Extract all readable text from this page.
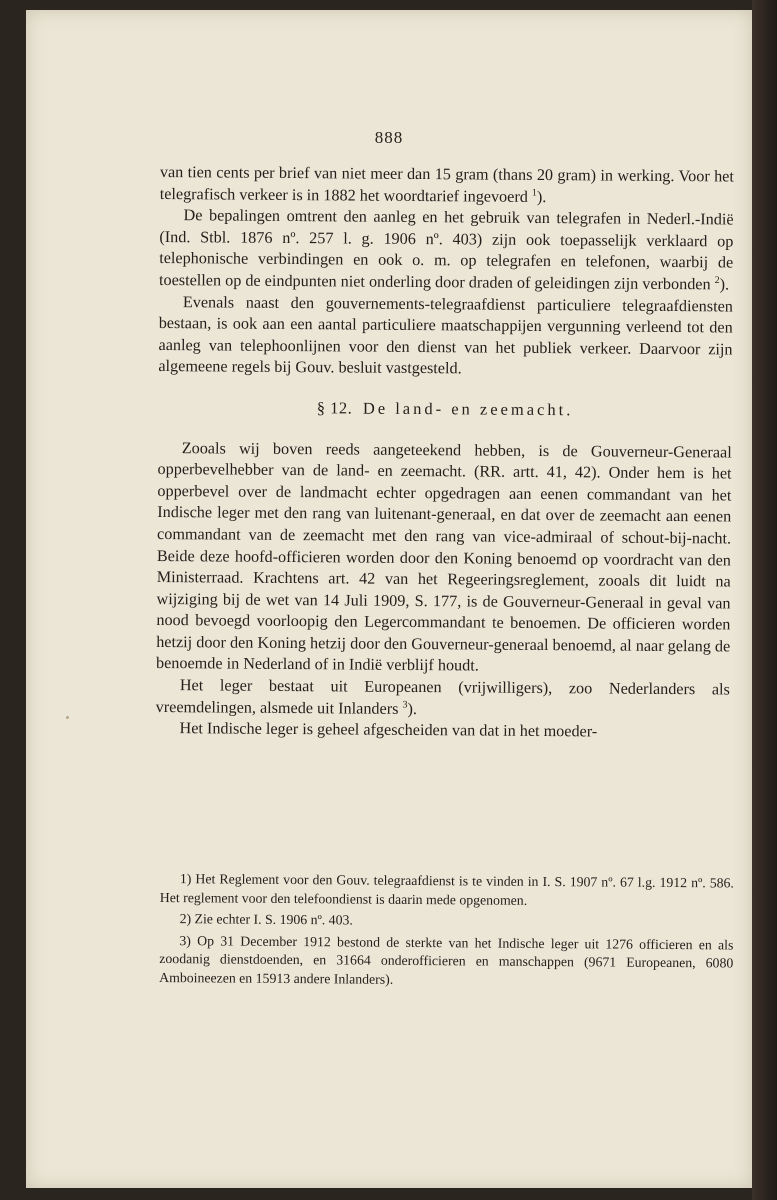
888

van tien cents per brief van niet meer dan 15 gram (thans 20 gram) in werking. Voor het telegrafisch verkeer is in 1882 het woordtarief ingevoerd $^1$).

De bepalingen omtrent den aanleg en het gebruik van telegrafen in Nederl.-Indië (Ind. Stbl. 1876 nº. 257 l. g. 1906 nº. 403) zijn ook toepasselijk verklaard op telephonische verbindingen en ook o. m. op telegrafen en telefonen, waarbij de toestellen op de eindpunten niet onderling door draden of geleidingen zijn verbonden $^2$).

Evenals naast den gouvernements-telegraafdienst particuliere telegraafdiensten bestaan, is ook aan een aantal particuliere maatschappijen vergunning verleend tot den aanleg van telephoonlijnen voor den dienst van het publiek verkeer. Daarvoor zijn algemeene regels bij Gouv. besluit vastgesteld.

§ 12. De land- en zeemacht.

Zooals wij boven reeds aangeteekend hebben, is de Gouverneur-Generaal opperbevelhebber van de land- en zeemacht. (RR. artt. 41, 42). Onder hem is het opperbevel over de landmacht echter opgedragen aan eenen commandant van het Indische leger met den rang van luitenant-generaal, en dat over de zeemacht aan eenen commandant van de zeemacht met den rang van vice-admiraal of schout-bij-nacht. Beide deze hoofd-officieren worden door den Koning benoemd op voordracht van den Ministerraad. Krachtens art. 42 van het Regeeringsreglement, zooals dit luidt na wijziging bij de wet van 14 Juli 1909, S. 177, is de Gouverneur-Generaal in geval van nood bevoegd voorloopig den Legercommandant te benoemen. De officieren worden hetzij door den Koning hetzij door den Gouverneur-generaal benoemd, al naar gelang de benoemde in Nederland of in Indië verblijf houdt.

Het leger bestaat uit Europeanen (vrijwilligers), zoo Nederlanders als vreemdelingen, alsmede uit Inlanders $^3$).

Het Indische leger is geheel afgescheiden van dat in het moeder-

1) Het Reglement voor den Gouv. telegraafdienst is te vinden in I. S. 1907 nº. 67 l.g. 1912 nº. 586. Het reglement voor den telefoondienst is daarin mede opgenomen.

2) Zie echter I. S. 1906 nº. 403.

3) Op 31 December 1912 bestond de sterkte van het Indische leger uit 1276 officieren en als zoodanig dienstdoenden, en 31664 onderofficieren en manschappen (9671 Europeanen, 6080 Amboineezen en 15913 andere Inlanders).
